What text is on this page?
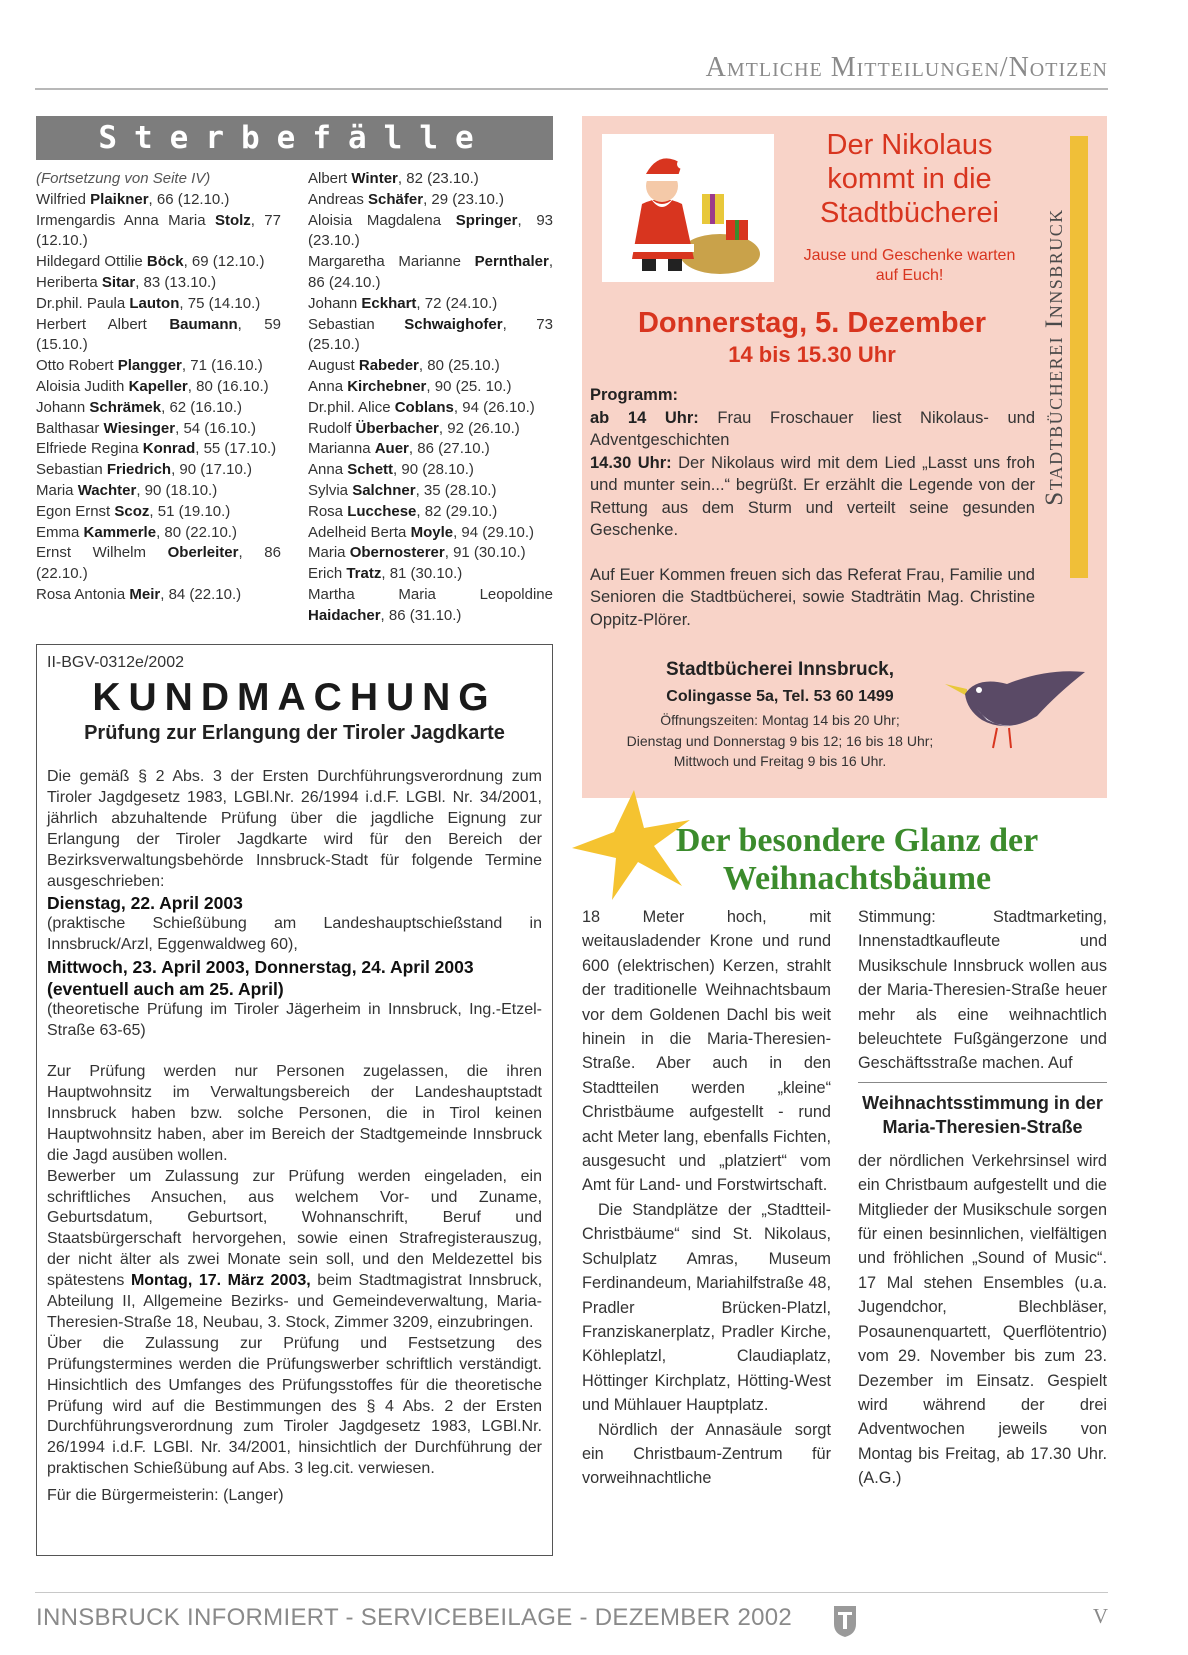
Amtliche Mitteilungen/Notizen
Sterbefälle
(Fortsetzung von Seite IV)
Wilfried Plaikner, 66 (12.10.)
Irmengardis Anna Maria Stolz, 77 (12.10.)
Hildegard Ottilie Böck, 69 (12.10.)
Heriberta Sitar, 83 (13.10.)
Dr.phil. Paula Lauton, 75 (14.10.)
Herbert Albert Baumann, 59 (15.10.)
Otto Robert Plangger, 71 (16.10.)
Aloisia Judith Kapeller, 80 (16.10.)
Johann Schrämek, 62 (16.10.)
Balthasar Wiesinger, 54 (16.10.)
Elfriede Regina Konrad, 55 (17.10.)
Sebastian Friedrich, 90 (17.10.)
Maria Wachter, 90 (18.10.)
Egon Ernst Scoz, 51 (19.10.)
Emma Kammerle, 80 (22.10.)
Ernst Wilhelm Oberleiter, 86 (22.10.)
Rosa Antonia Meir, 84 (22.10.)
Albert Winter, 82 (23.10.)
Andreas Schäfer, 29 (23.10.)
Aloisia Magdalena Springer, 93 (23.10.)
Margaretha Marianne Pernthaler, 86 (24.10.)
Johann Eckhart, 72 (24.10.)
Sebastian Schwaighofer, 73 (25.10.)
August Rabeder, 80 (25.10.)
Anna Kirchebner, 90 (25. 10.)
Dr.phil. Alice Coblans, 94 (26.10.)
Rudolf Überbacher, 92 (26.10.)
Marianna Auer, 86 (27.10.)
Anna Schett, 90 (28.10.)
Sylvia Salchner, 35 (28.10.)
Rosa Lucchese, 82 (29.10.)
Adelheid Berta Moyle, 94 (29.10.)
Maria Obernosterer, 91 (30.10.)
Erich Tratz, 81 (30.10.)
Martha Maria Leopoldine Haidacher, 86 (31.10.)
II-BGV-0312e/2002
KUNDMACHUNG
Prüfung zur Erlangung der Tiroler Jagdkarte

Die gemäß § 2 Abs. 3 der Ersten Durchführungsverordnung zum Tiroler Jagdgesetz 1983, LGBl.Nr. 26/1994 i.d.F. LGBl. Nr. 34/2001, jährlich abzuhaltende Prüfung über die jagdliche Eignung zur Erlangung der Tiroler Jagdkarte wird für den Bereich der Bezirksverwaltungsbehörde Innsbruck-Stadt für folgende Termine ausgeschrieben:

Dienstag, 22. April 2003

(praktische Schießübung am Landeshauptschießstand in Innsbruck/Arzl, Eggenwaldweg 60),

Mittwoch, 23. April 2003, Donnerstag, 24. April 2003

(eventuell auch am 25. April)

(theoretische Prüfung im Tiroler Jägerheim in Innsbruck, Ing.-Etzel-Straße 63-65)

Zur Prüfung werden nur Personen zugelassen, die ihren Hauptwohnsitz im Verwaltungsbereich der Landeshauptstadt Innsbruck haben bzw. solche Personen, die in Tirol keinen Hauptwohnsitz haben, aber im Bereich der Stadtgemeinde Innsbruck die Jagd ausüben wollen.

Bewerber um Zulassung zur Prüfung werden eingeladen, ein schriftliches Ansuchen, aus welchem Vor- und Zuname, Geburtsdatum, Geburtsort, Wohnanschrift, Beruf und Staatsbürgerschaft hervorgehen, sowie einen Strafregisterauszug, der nicht älter als zwei Monate sein soll, und den Meldezettel bis spätestens Montag, 17. März 2003, beim Stadtmagistrat Innsbruck, Abteilung II, Allgemeine Bezirks- und Gemeindeverwaltung, Maria-Theresien-Straße 18, Neubau, 3. Stock, Zimmer 3209, einzubringen.

Über die Zulassung zur Prüfung und Festsetzung des Prüfungstermines werden die Prüfungswerber schriftlich verständigt. Hinsichtlich des Umfanges des Prüfungsstoffes für die theoretische Prüfung wird auf die Bestimmungen des § 4 Abs. 2 der Ersten Durchführungsverordnung zum Tiroler Jagdgesetz 1983, LGBl.Nr. 26/1994 i.d.F. LGBl. Nr. 34/2001, hinsichtlich der Durchführung der praktischen Schießübung auf Abs. 3 leg.cit. verwiesen.

Für die Bürgermeisterin: (Langer)

Der Nikolaus kommt in die Stadtbücherei
Jause und Geschenke warten auf Euch!	Stadtbücherei Innsbruck
Donnerstag, 5. Dezember
14 bis 15.30 Uhr
Programm:
ab 14 Uhr: Frau Froschauer liest Nikolaus- und Adventgeschichten
14.30 Uhr: Der Nikolaus wird mit dem Lied „Lasst uns froh und munter sein...“ begrüßt. Er erzählt die Legende von der Rettung aus dem Sturm und verteilt seine gesunden Geschenke.
Auf Euer Kommen freuen sich das Referat Frau, Familie und Senioren die Stadtbücherei, sowie Stadträtin Mag. Christine Oppitz-Plörer.
Stadtbücherei Innsbruck,
Colingasse 5a, Tel. 53 60 1499
Öffnungszeiten: Montag 14 bis 20 Uhr;
Dienstag und Donnerstag 9 bis 12; 16 bis 18 Uhr;
Mittwoch und Freitag 9 bis 16 Uhr.
Der besondere Glanz der Weihnachtsbäume

18 Meter hoch, mit weitausladender Krone und rund 600 (elektrischen) Kerzen, strahlt der traditionelle Weihnachtsbaum vor dem Goldenen Dachl bis weit hinein in die Maria-Theresien-Straße. Aber auch in den Stadtteilen werden „kleine“ Christbäume aufgestellt - rund acht Meter lang, ebenfalls Fichten, ausgesucht und „platziert“ vom Amt für Land- und Forstwirtschaft.

Die Standplätze der „Stadtteil-Christbäume“ sind St. Nikolaus, Schulplatz Amras, Museum Ferdinandeum, Mariahilfstraße 48, Pradler Brücken-Platzl, Franziskanerplatz, Pradler Kirche, Köhleplatzl, Claudiaplatz, Höttinger Kirchplatz, Hötting-West und Mühlauer Hauptplatz.

Nördlich der Annasäule sorgt ein Christbaum-Zentrum für vorweihnachtliche

Stimmung: Stadtmarketing, Innenstadtkaufleute und Musikschule Innsbruck wollen aus der Maria-Theresien-Straße heuer mehr als eine weihnachtlich beleuchtete Fußgängerzone und Geschäftsstraße machen. Auf

Weihnachtsstimmung in der Maria-Theresien-Straße

der nördlichen Verkehrsinsel wird ein Christbaum aufgestellt und die Mitglieder der Musikschule sorgen für einen besinnlichen, vielfältigen und fröhlichen „Sound of Music“. 17 Mal stehen Ensembles (u.a. Jugendchor, Blechbläser, Posaunenquartett, Querflötentrio) vom 29. November bis zum 23. Dezember im Einsatz. Gespielt wird während der drei Adventwochen jeweils von Montag bis Freitag, ab 17.30 Uhr. (A.G.)

INNSBRUCK INFORMIERT - SERVICEBEILAGE - DEZEMBER 2002	V
